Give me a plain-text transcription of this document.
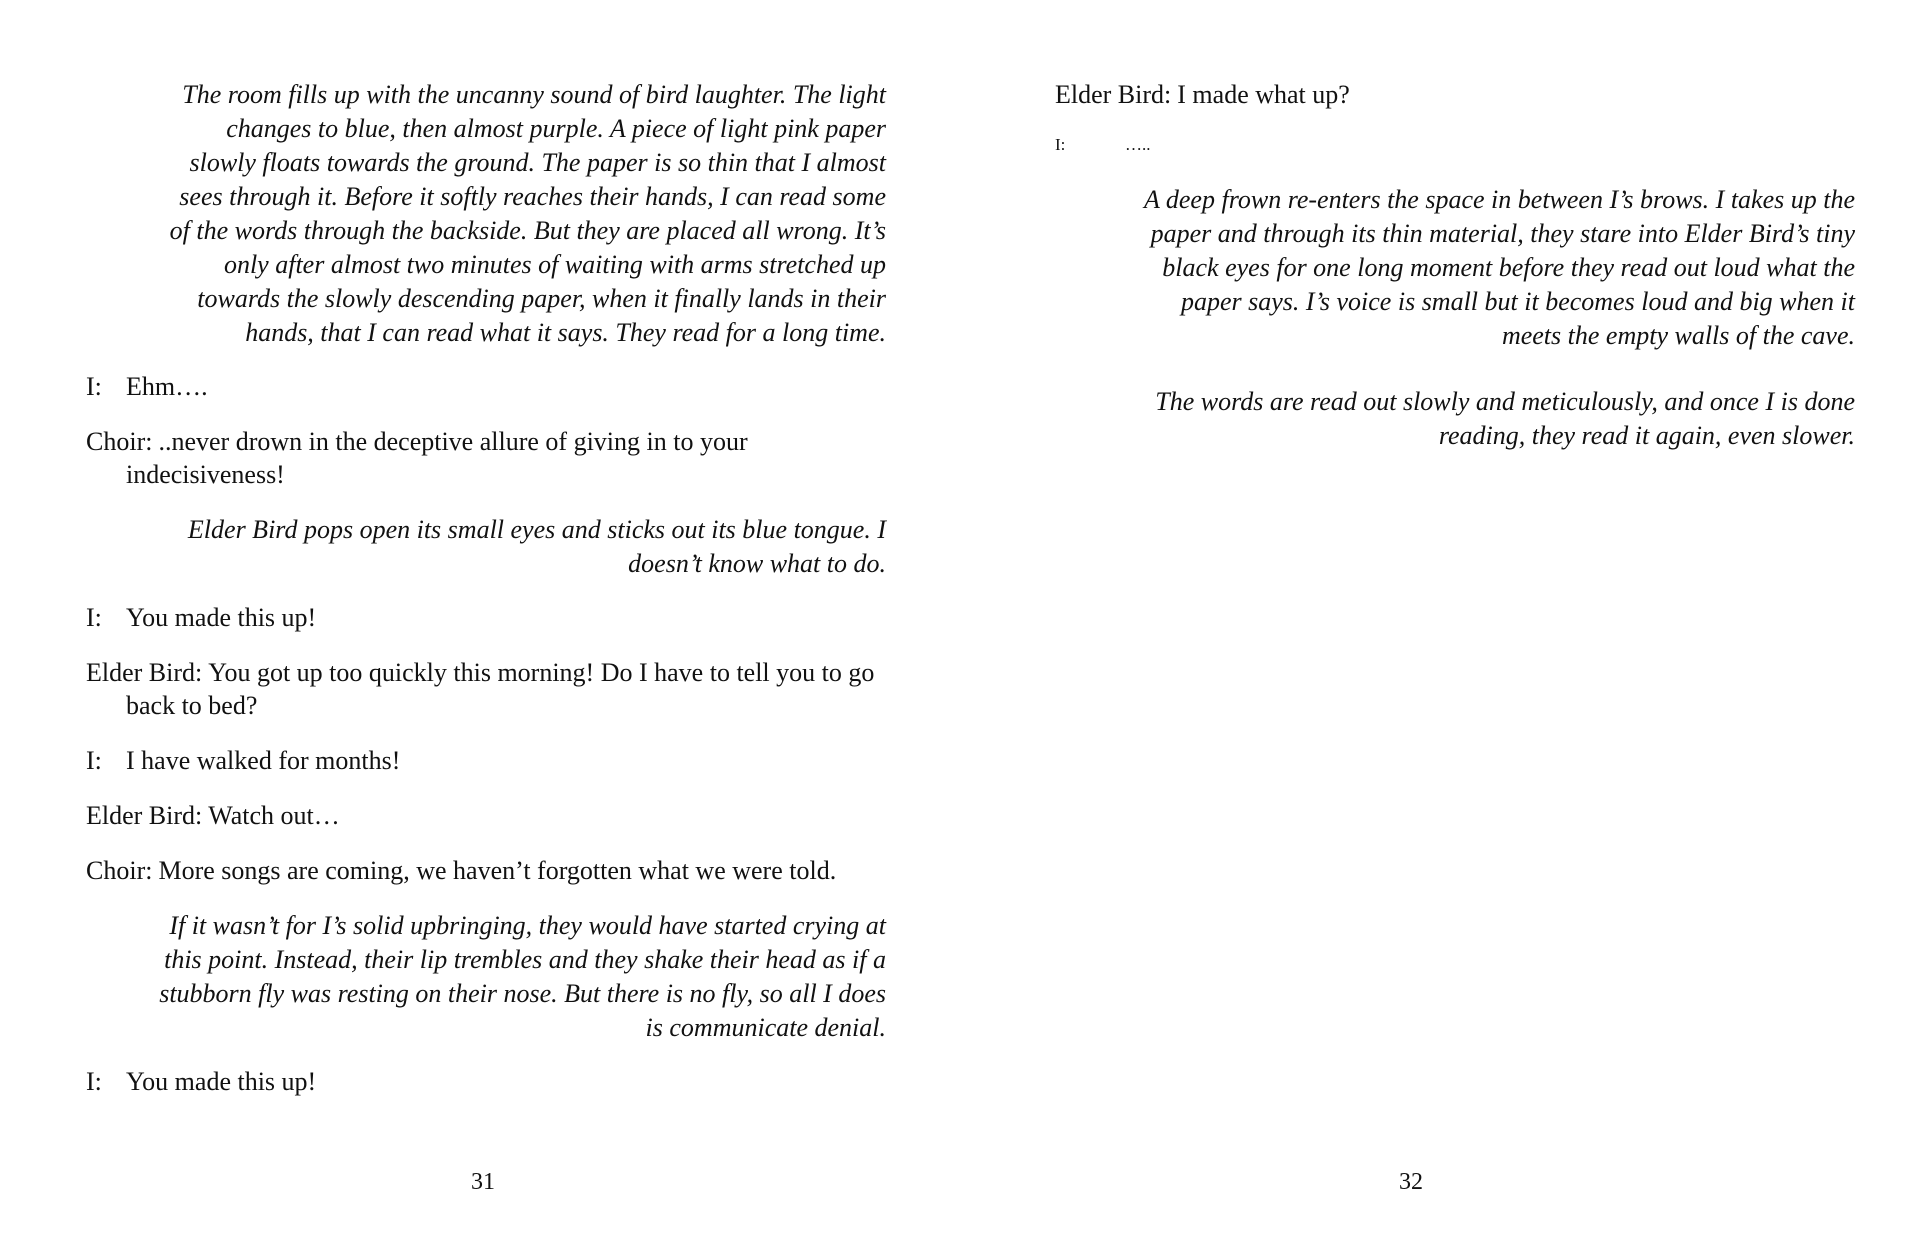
The room fills up with the uncanny sound of bird laughter. The light changes to blue, then almost purple. A piece of light pink paper slowly floats towards the ground. The paper is so thin that I almost sees through it. Before it softly reaches their hands, I can read some of the words through the backside. But they are placed all wrong. It’s only after almost two minutes of waiting with arms stretched up towards the slowly descending paper, when it finally lands in their hands, that I can read what it says. They read for a long time.

I: Ehm….

Choir: ..never drown in the deceptive allure of giving in to your indecisiveness!

Elder Bird pops open its small eyes and sticks out its blue tongue. I doesn’t know what to do.

I: You made this up!

Elder Bird: You got up too quickly this morning! Do I have to tell you to go back to bed?

I: I have walked for months!

Elder Bird: Watch out…

Choir: More songs are coming, we haven’t forgotten what we were told.

If it wasn’t for I’s solid upbringing, they would have started crying at this point. Instead, their lip trembles and they shake their head as if a stubborn fly was resting on their nose. But there is no fly, so all I does is communicate denial.

I: You made this up!

31

Elder Bird: I made what up?

I:	…..

A deep frown re-enters the space in between I’s brows. I takes up the paper and through its thin material, they stare into Elder Bird’s tiny black eyes for one long moment before they read out loud what the paper says. I’s voice is small but it becomes loud and big when it meets the empty walls of the cave.

The words are read out slowly and meticulously, and once I is done reading, they read it again, even slower.

32
